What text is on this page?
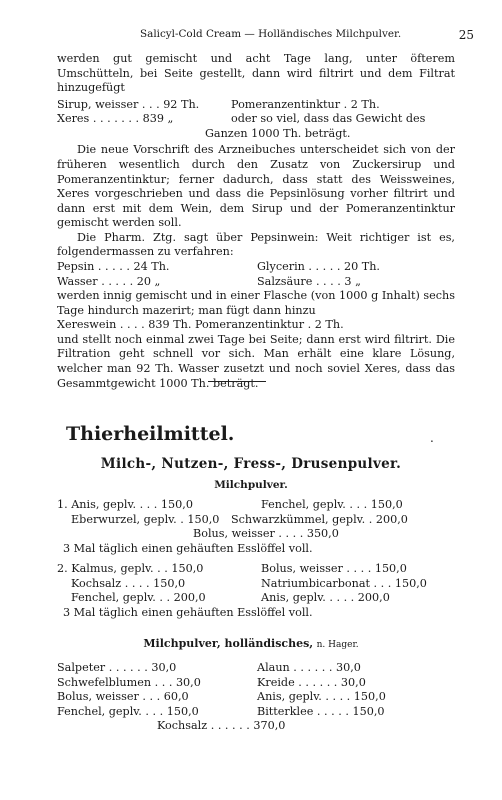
Salicyl-Cold Cream — Holländisches Milchpulver.	25

werden gut gemischt und acht Tage lang, unter öfterem Umschütteln, bei Seite gestellt, dann wird filtrirt und dem Filtrat hinzugefügt

Sirup, weisser . . . 92 Th.	Pomeranzentinktur . 2 Th.
Xeres . . . . . . . 839 „	oder so viel, dass das Gewicht des
Ganzen 1000 Th. beträgt.

Die neue Vorschrift des Arzneibuches unterscheidet sich von der früheren wesentlich durch den Zusatz von Zuckersirup und Pomeranzentinktur; ferner dadurch, dass statt des Weissweines, Xeres vorgeschrieben und dass die Pepsinlösung vorher filtrirt und dann erst mit dem Wein, dem Sirup und der Pomeranzentinktur gemischt werden soll.

Die Pharm. Ztg. sagt über Pepsinwein: Weit richtiger ist es, folgendermassen zu verfahren:

Pepsin . . . . . 24 Th.	Glycerin . . . . . 20 Th.
Wasser . . . . . 20 „	Salzsäure . . . . 3 „

werden innig gemischt und in einer Flasche (von 1000 g Inhalt) sechs Tage hindurch mazerirt; man fügt dann hinzu

Xereswein . . . . 839 Th. Pomeranzentinktur . 2 Th.

und stellt noch einmal zwei Tage bei Seite; dann erst wird filtrirt. Die Filtration geht schnell vor sich. Man erhält eine klare Lösung, welcher man 92 Th. Wasser zusetzt und noch soviel Xeres, dass das Gesammtgewicht 1000 Th. beträgt.

Thierheilmittel.	.
Milch-, Nutzen-, Fress-, Drusenpulver.
Milchpulver.
1. Anis, geplv. . . . 150,0	Fenchel, geplv. . . . 150,0
Eberwurzel, geplv. . 150,0 Schwarzkümmel, geplv. . 200,0
Bolus, weisser . . . . 350,0
3 Mal täglich einen gehäuften Esslöffel voll.
2. Kalmus, geplv. . . 150,0	Bolus, weisser . . . . 150,0
Kochsalz . . . . 150,0	Natriumbicarbonat . . . 150,0
Fenchel, geplv. . . 200,0	Anis, geplv. . . . . 200,0
3 Mal täglich einen gehäuften Esslöffel voll.
Milchpulver, holländisches, n. Hager.
Salpeter . . . . . . 30,0	Alaun . . . . . . 30,0
Schwefelblumen . . . 30,0	Kreide . . . . . . 30,0
Bolus, weisser . . . 60,0	Anis, geplv. . . . . 150,0
Fenchel, geplv. . . . 150,0	Bitterklee . . . . . 150,0
Kochsalz . . . . . . 370,0
